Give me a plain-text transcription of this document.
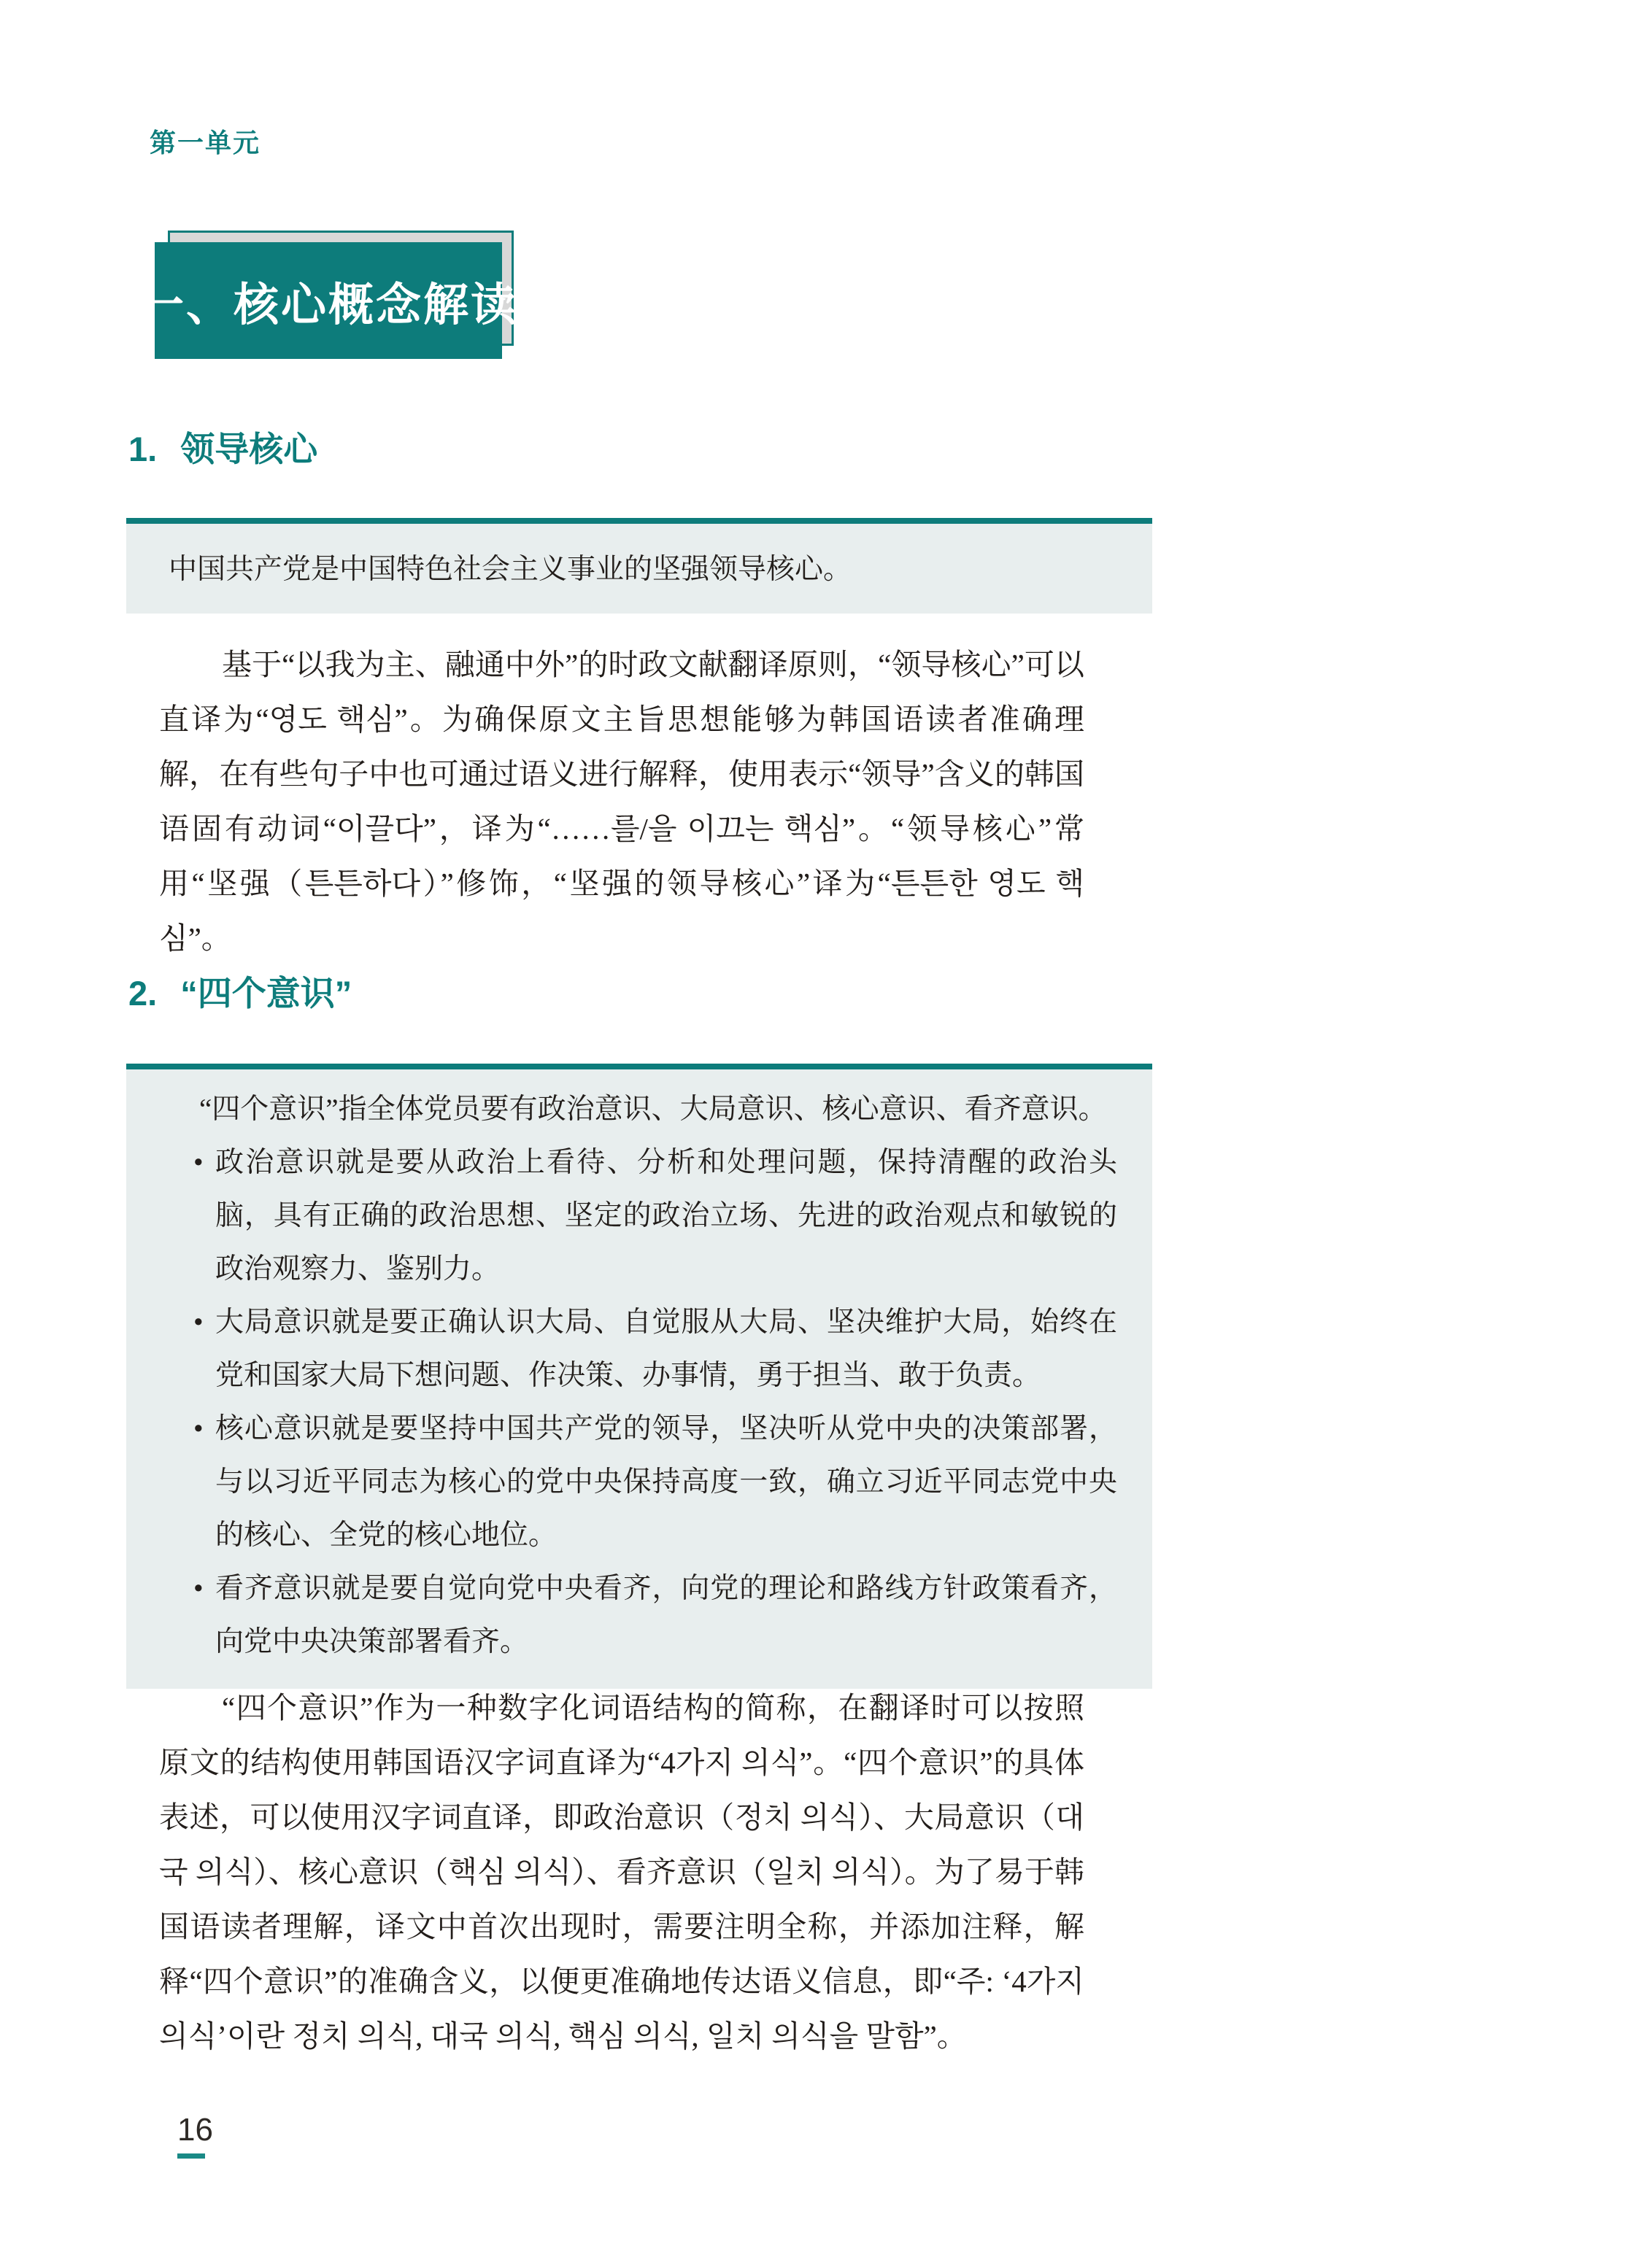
第一单元
一、核心概念解读
1. 领导核心

中国共产党是中国特色社会主义事业的坚强领导核心。

基于“以我为主、融通中外”的时政文献翻译原则，“领导核心”可以直译为“영도 핵심”。为确保原文主旨思想能够为韩国语读者准确理解，在有些句子中也可通过语义进行解释，使用表示“领导”含义的韩国语固有动词“이끌다”，译为“……를/을 이끄는 핵심”。“领导核心”常用“坚强（튼튼하다）”修饰，“坚强的领导核心”译为“튼튼한 영도 핵심”。

2. “四个意识”

“四个意识”指全体党员要有政治意识、大局意识、核心意识、看齐意识。

• 政治意识就是要从政治上看待、分析和处理问题，保持清醒的政治头脑，具有正确的政治思想、坚定的政治立场、先进的政治观点和敏锐的政治观察力、鉴别力。
• 大局意识就是要正确认识大局、自觉服从大局、坚决维护大局，始终在党和国家大局下想问题、作决策、办事情，勇于担当、敢于负责。
• 核心意识就是要坚持中国共产党的领导，坚决听从党中央的决策部署，与以习近平同志为核心的党中央保持高度一致，确立习近平同志党中央的核心、全党的核心地位。
• 看齐意识就是要自觉向党中央看齐，向党的理论和路线方针政策看齐，向党中央决策部署看齐。

“四个意识”作为一种数字化词语结构的简称，在翻译时可以按照原文的结构使用韩国语汉字词直译为“4가지 의식”。“四个意识”的具体表述，可以使用汉字词直译，即政治意识（정치 의식）、大局意识（대국 의식）、核心意识（핵심 의식）、看齐意识（일치 의식）。为了易于韩国语读者理解，译文中首次出现时，需要注明全称，并添加注释，解释“四个意识”的准确含义，以便更准确地传达语义信息，即“주: ‘4가지 의식’이란 정치 의식, 대국 의식, 핵심 의식, 일치 의식을 말함”。

16
